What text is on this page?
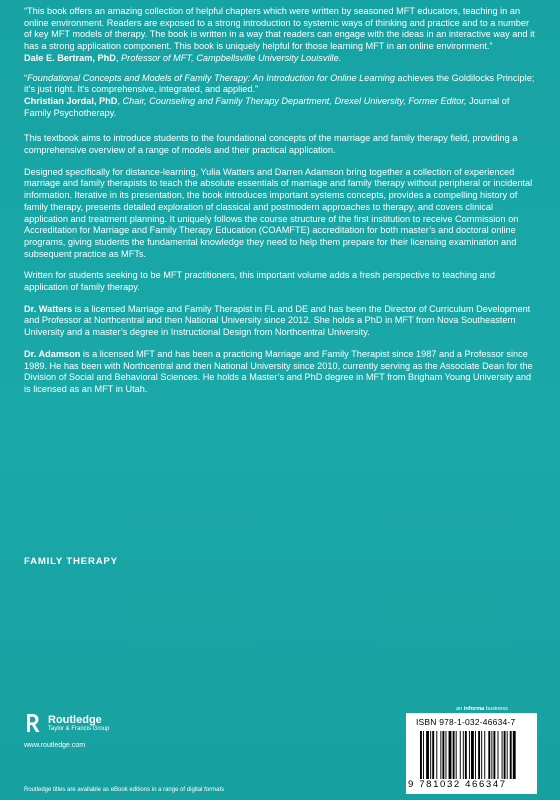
“This book offers an amazing collection of helpful chapters which were written by seasoned MFT educators, teaching in an online environment. Readers are exposed to a strong introduction to systemic ways of thinking and practice and to a number of key MFT models of therapy. The book is written in a way that readers can engage with the ideas in an interactive way and it has a strong application component. This book is uniquely helpful for those learning MFT in an online environment.”

Dale E. Bertram, PhD, Professor of MFT, Campbellsville University Louisville.

“Foundational Concepts and Models of Family Therapy: An Introduction for Online Learning achieves the Goldilocks Principle; it’s just right. It’s comprehensive, integrated, and applied.”

Christian Jordal, PhD, Chair, Counseling and Family Therapy Department, Drexel University, Former Editor, Journal of Family Psychotherapy.

This textbook aims to introduce students to the foundational concepts of the marriage and family therapy field, providing a comprehensive overview of a range of models and their practical application.

Designed specifically for distance-learning, Yulia Watters and Darren Adamson bring together a collection of experienced marriage and family therapists to teach the absolute essentials of marriage and family therapy without peripheral or incidental information. Iterative in its presentation, the book introduces important systems concepts, provides a compelling history of family therapy, presents detailed exploration of classical and postmodern approaches to therapy, and covers clinical application and treatment planning. It uniquely follows the course structure of the first institution to receive Commission on Accreditation for Marriage and Family Therapy Education (COAMFTE) accreditation for both master’s and doctoral online programs, giving students the fundamental knowledge they need to help them prepare for their licensing examination and subsequent practice as MFTs.

Written for students seeking to be MFT practitioners, this important volume adds a fresh perspective to teaching and application of family therapy.

Dr. Watters is a licensed Marriage and Family Therapist in FL and DE and has been the Director of Curriculum Development and Professor at Northcentral and then National University since 2012. She holds a PhD in MFT from Nova Southeastern University and a master’s degree in Instructional Design from Northcentral University.

Dr. Adamson is a licensed MFT and has been a practicing Marriage and Family Therapist since 1987 and a Professor since 1989. He has been with Northcentral and then National University since 2010, currently serving as the Associate Dean for the Division of Social and Behavioral Sciences. He holds a Master’s and PhD degree in MFT from Brigham Young University and is licensed as an MFT in Utah.

FAMILY THERAPY
Routledge
Taylor & Francis Group
www.routledge.com
an informa business
ISBN 978-1-032-46634-7
9 781032 466347
Routledge titles are available as eBook editions in a range of digital formats
